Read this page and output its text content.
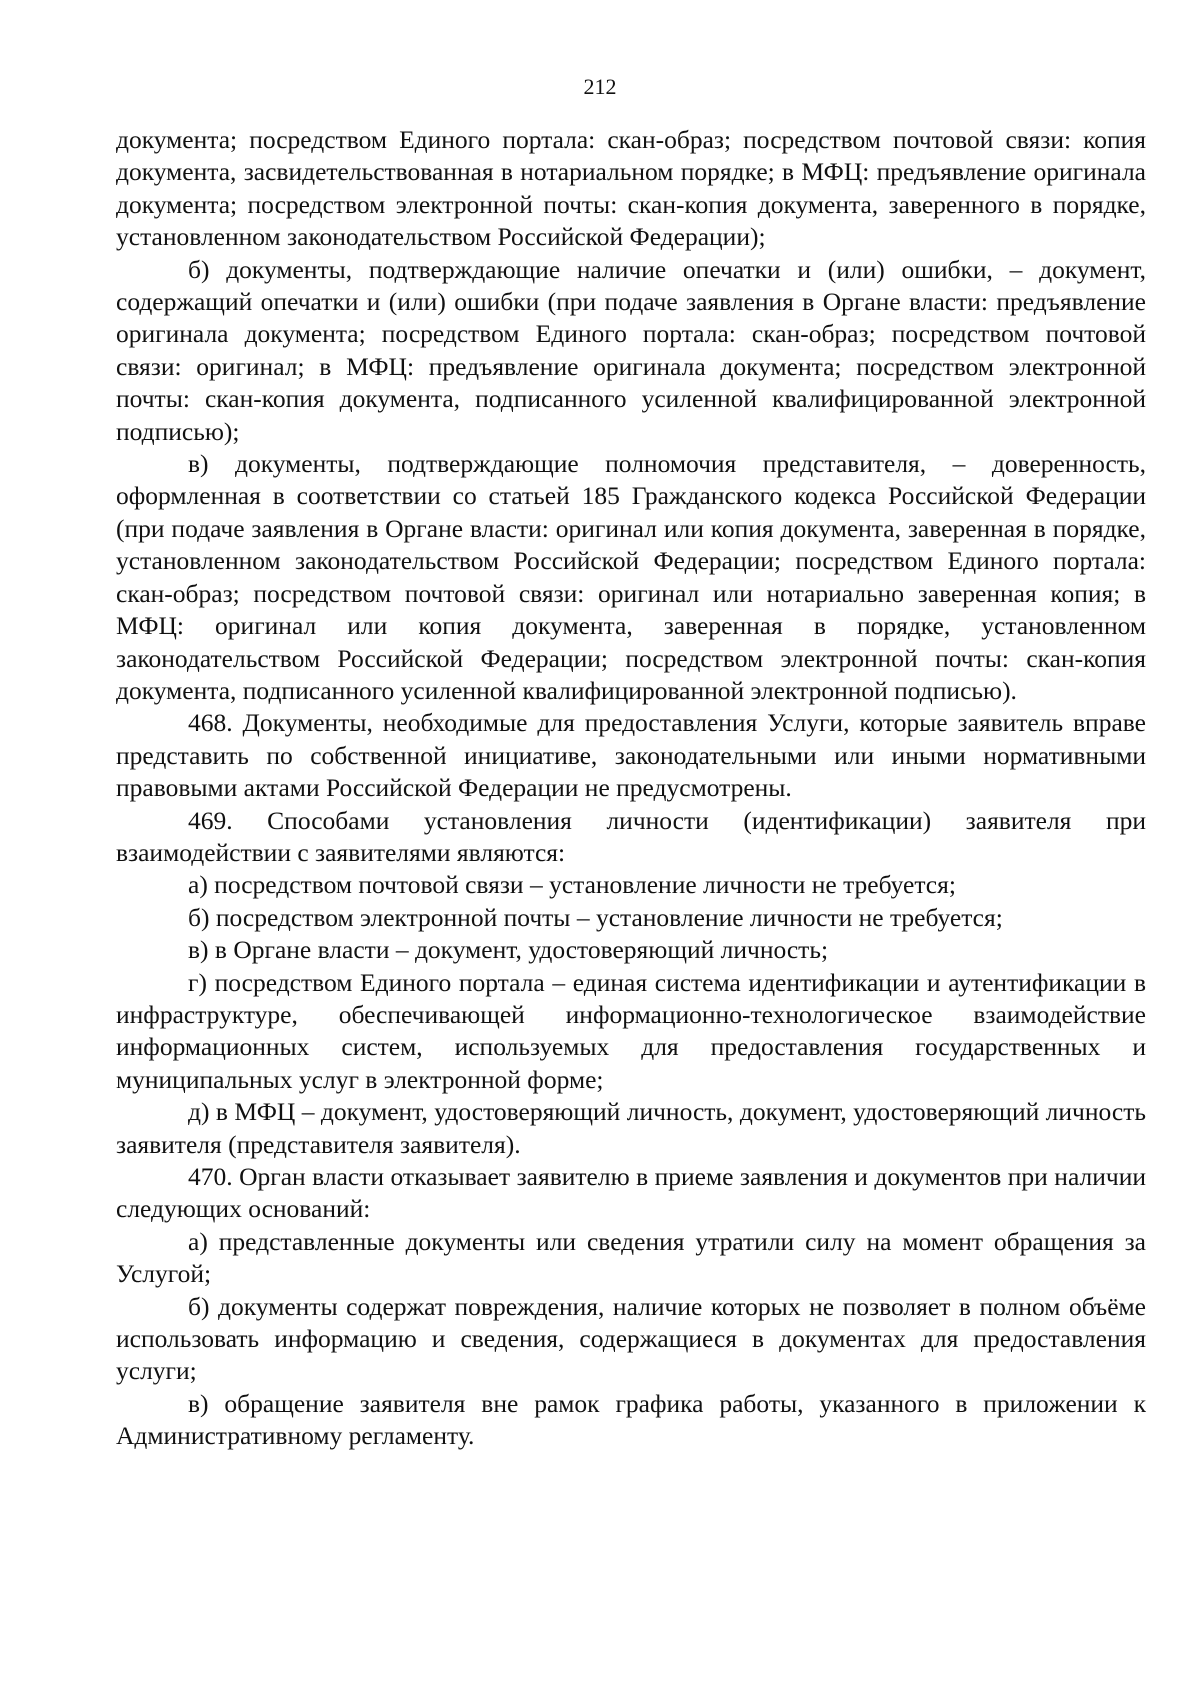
212

документа; посредством Единого портала: скан-образ; посредством почтовой связи: копия документа, засвидетельствованная в нотариальном порядке; в МФЦ: предъявление оригинала документа; посредством электронной почты: скан-копия документа, заверенного в порядке, установленном законодательством Российской Федерации);

б) документы, подтверждающие наличие опечатки и (или) ошибки, – документ, содержащий опечатки и (или) ошибки (при подаче заявления в Органе власти: предъявление оригинала документа; посредством Единого портала: скан-образ; посредством почтовой связи: оригинал; в МФЦ: предъявление оригинала документа; посредством электронной почты: скан-копия документа, подписанного усиленной квалифицированной электронной подписью);

в) документы, подтверждающие полномочия представителя, – доверенность, оформленная в соответствии со статьей 185 Гражданского кодекса Российской Федерации (при подаче заявления в Органе власти: оригинал или копия документа, заверенная в порядке, установленном законодательством Российской Федерации; посредством Единого портала: скан-образ; посредством почтовой связи: оригинал или нотариально заверенная копия; в МФЦ: оригинал или копия документа, заверенная в порядке, установленном законодательством Российской Федерации; посредством электронной почты: скан-копия документа, подписанного усиленной квалифицированной электронной подписью).

468. Документы, необходимые для предоставления Услуги, которые заявитель вправе представить по собственной инициативе, законодательными или иными нормативными правовыми актами Российской Федерации не предусмотрены.

469. Способами установления личности (идентификации) заявителя при взаимодействии с заявителями являются:

а) посредством почтовой связи – установление личности не требуется;

б) посредством электронной почты – установление личности не требуется;

в) в Органе власти – документ, удостоверяющий личность;

г) посредством Единого портала – единая система идентификации и аутентификации в инфраструктуре, обеспечивающей информационно-технологическое взаимодействие информационных систем, используемых для предоставления государственных и муниципальных услуг в электронной форме;

д) в МФЦ – документ, удостоверяющий личность, документ, удостоверяющий личность заявителя (представителя заявителя).

470. Орган власти отказывает заявителю в приеме заявления и документов при наличии следующих оснований:

а) представленные документы или сведения утратили силу на момент обращения за Услугой;

б) документы содержат повреждения, наличие которых не позволяет в полном объёме использовать информацию и сведения, содержащиеся в документах для предоставления услуги;

в) обращение заявителя вне рамок графика работы, указанного в приложении к Административному регламенту.
